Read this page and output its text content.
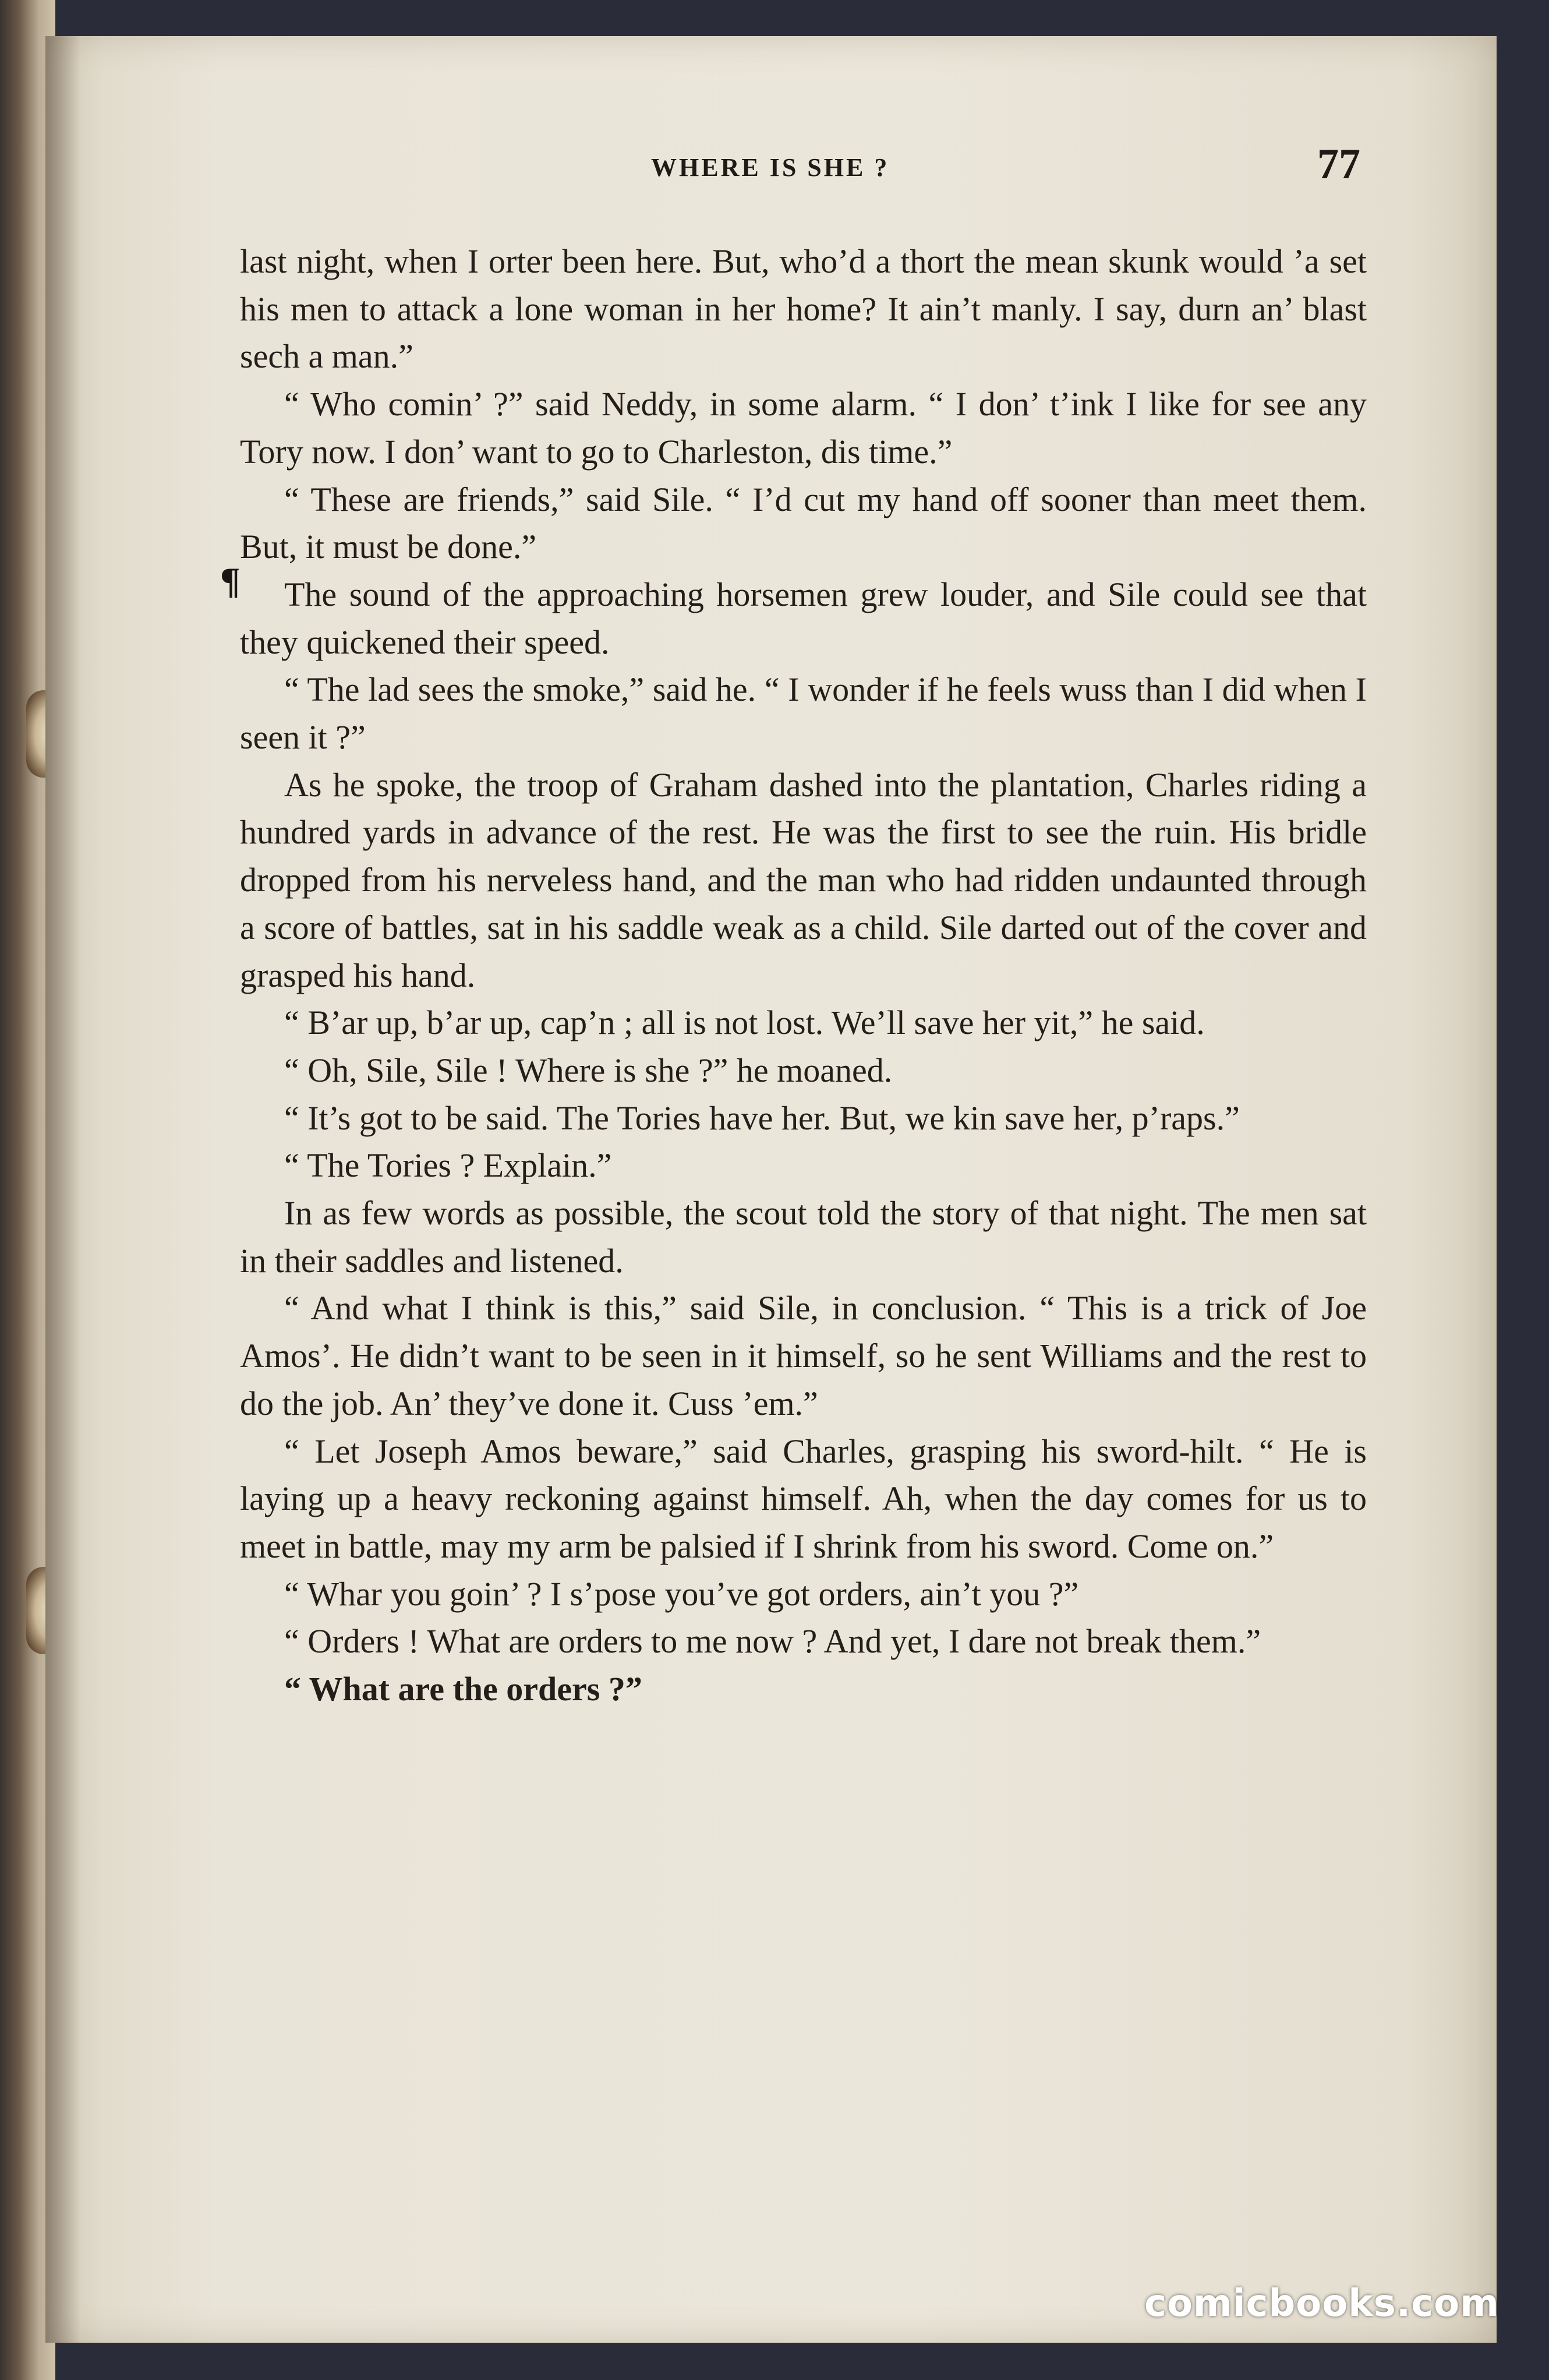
WHERE IS SHE ?	77
¶

last night, when I orter been here. But, who’d a thort the mean skunk would ’a set his men to attack a lone woman in her home? It ain’t manly. I say, durn an’ blast sech a man.”

“ Who comin’ ?” said Neddy, in some alarm. “ I don’ t’ink I like for see any Tory now. I don’ want to go to Charleston, dis time.”

“ These are friends,” said Sile. “ I’d cut my hand off sooner than meet them. But, it must be done.”

The sound of the approaching horsemen grew louder, and Sile could see that they quickened their speed.

“ The lad sees the smoke,” said he. “ I wonder if he feels wuss than I did when I seen it ?”

As he spoke, the troop of Graham dashed into the plantation, Charles riding a hundred yards in advance of the rest. He was the first to see the ruin. His bridle dropped from his nerveless hand, and the man who had ridden undaunted through a score of battles, sat in his saddle weak as a child. Sile darted out of the cover and grasped his hand.

“ B’ar up, b’ar up, cap’n ; all is not lost. We’ll save her yit,” he said.

“ Oh, Sile, Sile ! Where is she ?” he moaned.

“ It’s got to be said. The Tories have her. But, we kin save her, p’raps.”

“ The Tories ? Explain.”

In as few words as possible, the scout told the story of that night. The men sat in their saddles and listened.

“ And what I think is this,” said Sile, in conclusion. “ This is a trick of Joe Amos’. He didn’t want to be seen in it himself, so he sent Williams and the rest to do the job. An’ they’ve done it. Cuss ’em.”

“ Let Joseph Amos beware,” said Charles, grasping his sword-hilt. “ He is laying up a heavy reckoning against himself. Ah, when the day comes for us to meet in battle, may my arm be palsied if I shrink from his sword. Come on.”

“ Whar you goin’ ? I s’pose you’ve got orders, ain’t you ?”

“ Orders ! What are orders to me now ? And yet, I dare not break them.”

“ What are the orders ?”

comicbooks.com
